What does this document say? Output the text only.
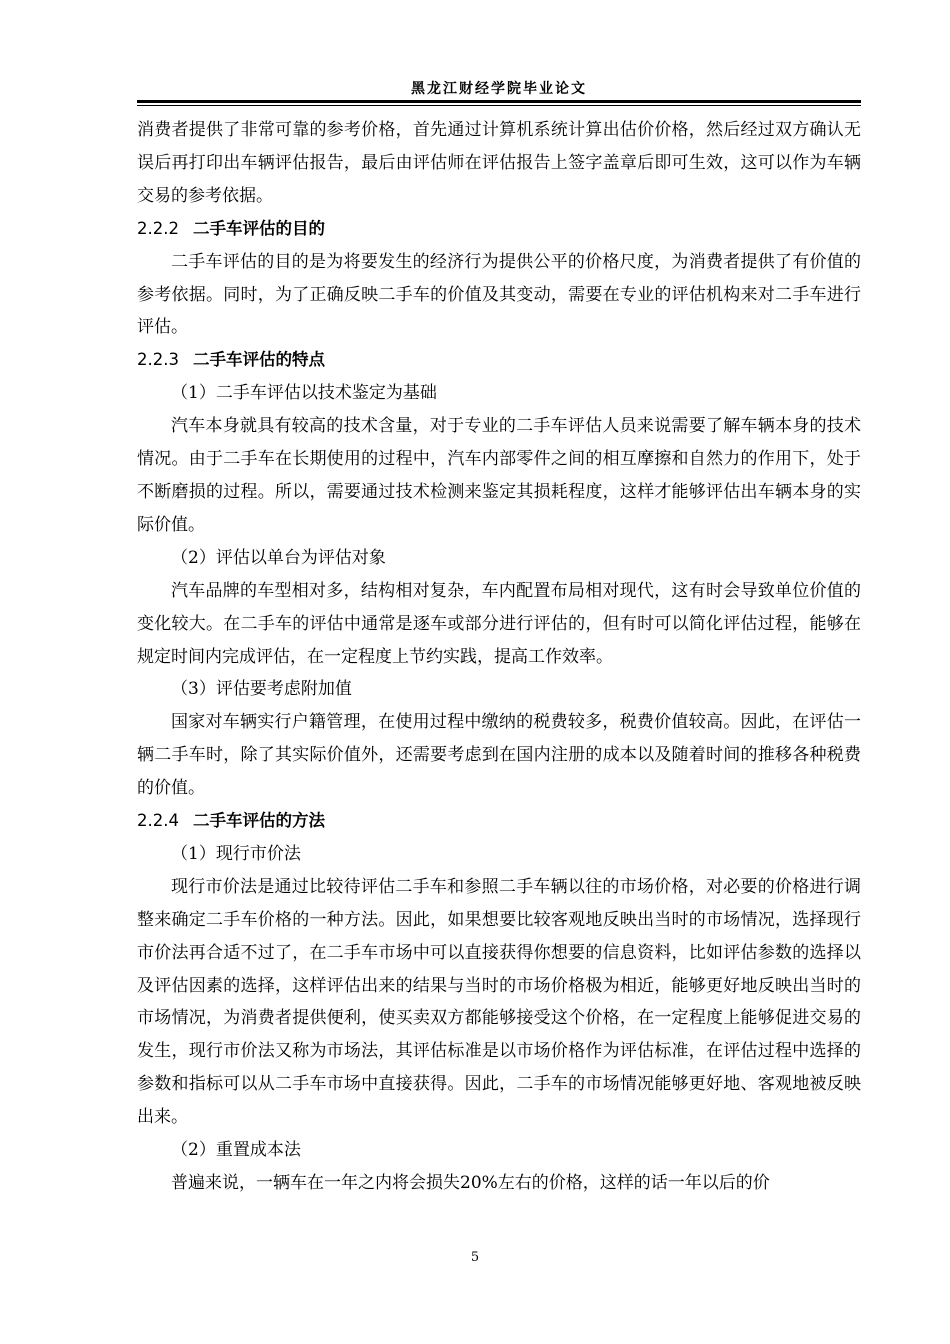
黑龙江财经学院毕业论文

消费者提供了非常可靠的参考价格，首先通过计算机系统计算出估价价格，然后经过双方确认无误后再打印出车辆评估报告，最后由评估师在评估报告上签字盖章后即可生效，这可以作为车辆交易的参考依据。

2.2.2 二手车评估的目的

二手车评估的目的是为将要发生的经济行为提供公平的价格尺度，为消费者提供了有价值的参考依据。同时，为了正确反映二手车的价值及其变动，需要在专业的评估机构来对二手车进行评估。

2.2.3 二手车评估的特点

（1）二手车评估以技术鉴定为基础

汽车本身就具有较高的技术含量，对于专业的二手车评估人员来说需要了解车辆本身的技术情况。由于二手车在长期使用的过程中，汽车内部零件之间的相互摩擦和自然力的作用下，处于不断磨损的过程。所以，需要通过技术检测来鉴定其损耗程度，这样才能够评估出车辆本身的实际价值。

（2）评估以单台为评估对象

汽车品牌的车型相对多，结构相对复杂，车内配置布局相对现代，这有时会导致单位价值的变化较大。在二手车的评估中通常是逐车或部分进行评估的，但有时可以简化评估过程，能够在规定时间内完成评估，在一定程度上节约实践，提高工作效率。

（3）评估要考虑附加值

国家对车辆实行户籍管理，在使用过程中缴纳的税费较多，税费价值较高。因此，在评估一辆二手车时，除了其实际价值外，还需要考虑到在国内注册的成本以及随着时间的推移各种税费的价值。

2.2.4 二手车评估的方法

（1）现行市价法

现行市价法是通过比较待评估二手车和参照二手车辆以往的市场价格，对必要的价格进行调整来确定二手车价格的一种方法。因此，如果想要比较客观地反映出当时的市场情况，选择现行市价法再合适不过了，在二手车市场中可以直接获得你想要的信息资料，比如评估参数的选择以及评估因素的选择，这样评估出来的结果与当时的市场价格极为相近，能够更好地反映出当时的市场情况，为消费者提供便利，使买卖双方都能够接受这个价格，在一定程度上能够促进交易的发生，现行市价法又称为市场法，其评估标准是以市场价格作为评估标准，在评估过程中选择的参数和指标可以从二手车市场中直接获得。因此，二手车的市场情况能够更好地、客观地被反映出来。

（2）重置成本法

普遍来说，一辆车在一年之内将会损失20%左右的价格，这样的话一年以后的价

5
